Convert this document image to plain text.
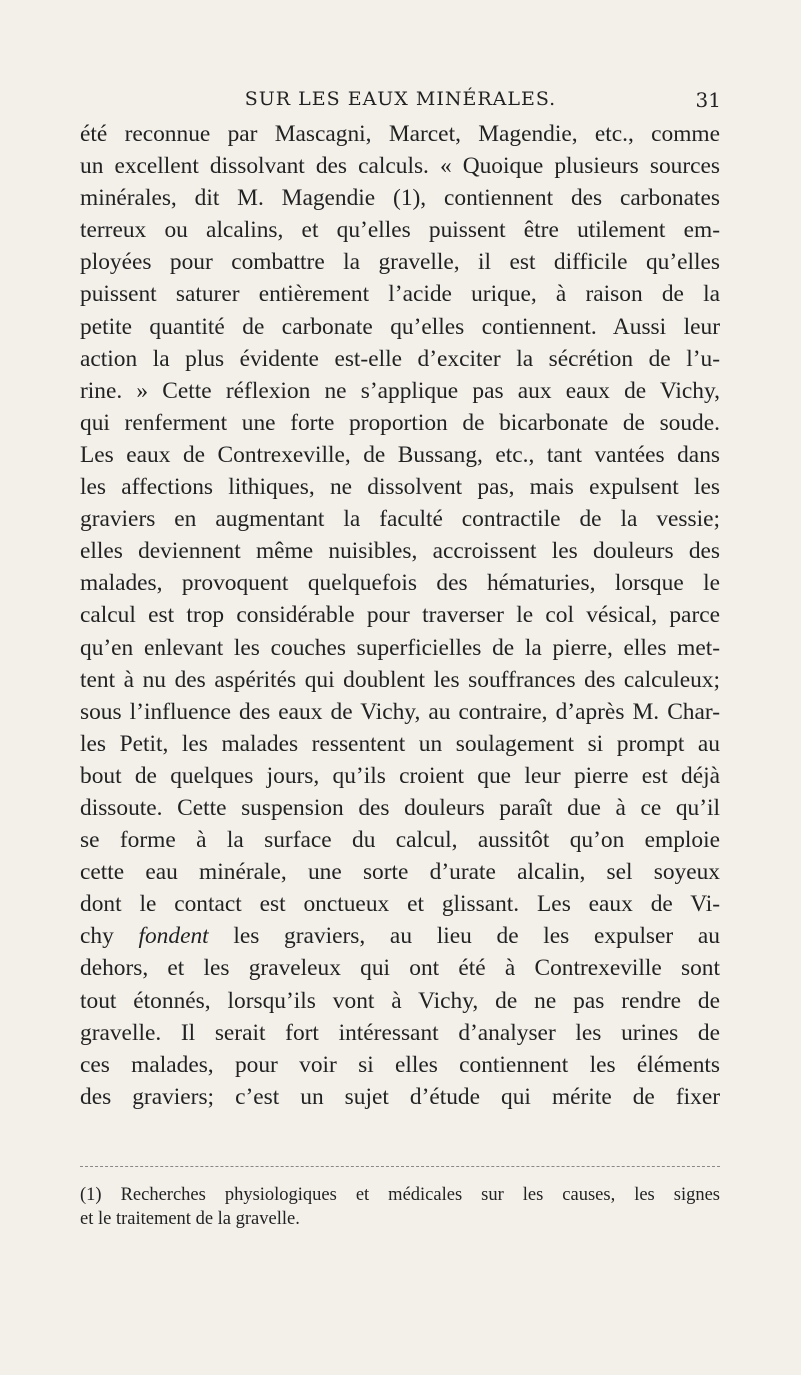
SUR LES EAUX MINÉRALES.	31
été reconnue par Mascagni, Marcet, Magendie, etc., comme
un excellent dissolvant des calculs. « Quoique plusieurs sources
minérales, dit M. Magendie (1), contiennent des carbonates
terreux ou alcalins, et qu’elles puissent être utilement em-
ployées pour combattre la gravelle, il est difficile qu’elles
puissent saturer entièrement l’acide urique, à raison de la
petite quantité de carbonate qu’elles contiennent. Aussi leur
action la plus évidente est-elle d’exciter la sécrétion de l’u-
rine. » Cette réflexion ne s’applique pas aux eaux de Vichy,
qui renferment une forte proportion de bicarbonate de soude.
Les eaux de Contrexeville, de Bussang, etc., tant vantées dans
les affections lithiques, ne dissolvent pas, mais expulsent les
graviers en augmentant la faculté contractile de la vessie;
elles deviennent même nuisibles, accroissent les douleurs des
malades, provoquent quelquefois des hématuries, lorsque le
calcul est trop considérable pour traverser le col vésical, parce
qu’en enlevant les couches superficielles de la pierre, elles met-
tent à nu des aspérités qui doublent les souffrances des calculeux;
sous l’influence des eaux de Vichy, au contraire, d’après M. Char-
les Petit, les malades ressentent un soulagement si prompt au
bout de quelques jours, qu’ils croient que leur pierre est déjà
dissoute. Cette suspension des douleurs paraît due à ce qu’il
se forme à la surface du calcul, aussitôt qu’on emploie
cette eau minérale, une sorte d’urate alcalin, sel soyeux
dont le contact est onctueux et glissant. Les eaux de Vi-
chy fondent les graviers, au lieu de les expulser au
dehors, et les graveleux qui ont été à Contrexeville sont
tout étonnés, lorsqu’ils vont à Vichy, de ne pas rendre de
gravelle. Il serait fort intéressant d’analyser les urines de
ces malades, pour voir si elles contiennent les éléments
des graviers; c’est un sujet d’étude qui mérite de fixer
(1) Recherches physiologiques et médicales sur les causes, les signes
et le traitement de la gravelle.
